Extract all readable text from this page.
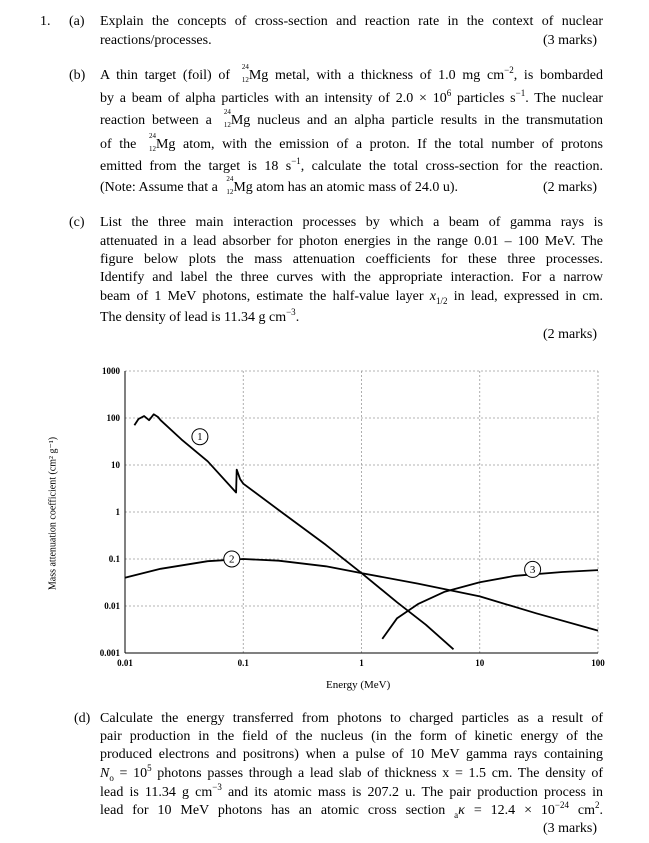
1. (a) Explain the concepts of cross-section and reaction rate in the context of nuclear
reactions/processes.	(3 marks)
(b) A thin target (foil) of
24
12 Mg metal, with a thickness of 1.0 mg $cm^{-2}$, is bombarded
by a beam of alpha particles with an intensity of $2.0 \times 10^6$ particles $s^{-1}$. The nuclear
reaction between a
24
12 Mg nucleus and an alpha particle results in the transmutation
of the
24
12 Mg atom, with the emission of a proton. If the total number of protons
emitted from the target is 18 $s^{-1}$, calculate the total cross-section for the reaction.
(Note: Assume that a
24
12 Mg atom has an atomic mass of 24.0 u).	(2 marks)
(c) List the three main interaction processes by which a beam of gamma rays is
attenuated in a lead absorber for photon energies in the range 0.01 – 100 MeV. The
figure below plots the mass attenuation coefficients for these three processes.
Identify and label the three curves with the appropriate interaction. For a narrow
beam of 1 MeV photons, estimate the half-value layer $x_{1/2}$ in lead, expressed in cm.
The density of lead is 11.34 g $cm^{-3}$.
(2 marks)
0.01	0.1	1	10	100
1000
100
10
1
0.1
0.01
0.001
1
2
3
Energy (MeV)
Mass attenuation coefficient (cm² g⁻¹)
(d) Calculate the energy transferred from photons to charged particles as a result of
pair production in the field of the nucleus (in the form of kinetic energy of the
produced electrons and positrons) when a pulse of 10 MeV gamma rays containing
$N_o = 10^5$ photons passes through a lead slab of thickness x = 1.5 cm. The density of
lead is 11.34 g $cm^{-3}$ and its atomic mass is 207.2 u. The pair production process in
lead for 10 MeV photons has an atomic cross section $_a\kappa = 12.4 \times 10^{-24}$ $cm^2$.
(3 marks)
